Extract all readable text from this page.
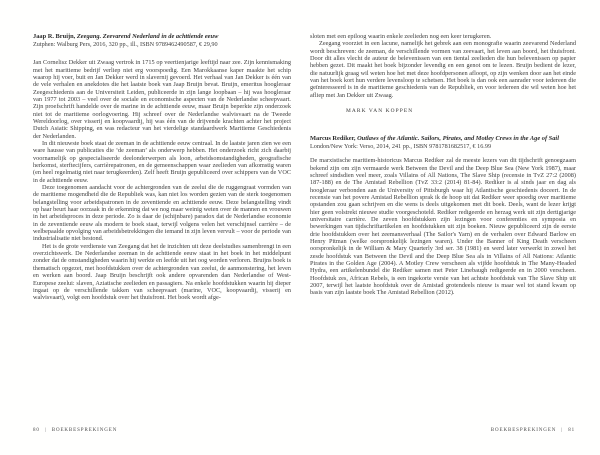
Jaap R. Bruijn, Zeegang. Zeevarend Nederland in de achttiende eeuw

Zutphen: Walburg Pers, 2016, 320 pp., ill., ISBN 9789462490587, € 29,90

Jan Cornelisz Dekker uit Zwaag vertrok in 1715 op veertienjarige leeftijd naar zee. Zijn kennismaking met het maritieme bedrijf verliep niet erg voorspoedig. Een Marokkaanse kaper maakte het schip waarop hij voer, buit en Jan Dekker werd in slavernij gevoerd. Het verhaal van Jan Dekker is één van de vele verhalen en anekdotes die het laatste boek van Jaap Bruijn bevat. Bruijn, emeritus hoogleraar Zeegeschiedenis aan de Universiteit Leiden, publiceerde in zijn lange loopbaan – hij was hoogleraar van 1977 tot 2003 – veel over de sociale en economische aspecten van de Nederlandse scheepvaart. Zijn proefschrift handelde over de marine in de achttiende eeuw, maar Bruijn beperkte zijn onderzoek niet tot de maritieme oorlogvoering. Hij schreef over de Nederlandse walvisvaart na de Tweede Wereldoorlog, over visserij en koopvaardij, hij was één van de drijvende krachten achter het project Dutch Asiatic Shipping, en was redacteur van het vierdelige standaardwerk Maritieme Geschiedenis der Nederlanden.

In dit nieuwste boek staat de zeeman in de achttiende eeuw centraal. In de laatste jaren zien we een ware hausse van publicaties die ‘de zeeman’ als onderwerp hebben. Het onderzoek richt zich daarbij voornamelijk op gespecialiseerde deelonderwerpen als loon, arbeidsomstandigheden, geografische herkomst, sterftecijfers, carrièrepatronen, en de gemeenschappen waar zeelieden van afkomstig waren (en heel regelmatig niet naar terugkeerden). Zelf heeft Bruijn gepubliceerd over schippers van de VOC in de achttiende eeuw.

Deze toegenomen aandacht voor de achtergronden van de zeelui die de ruggengraat vormden van de maritieme mogendheid die de Republiek was, kan niet los worden gezien van de sterk toegenomen belangstelling voor arbeidspatronen in de zeventiende en achttiende eeuw. Deze belangstelling vindt op haar beurt haar oorzaak in de erkenning dat we nog maar weinig weten over de mannen en vrouwen in het arbeidsproces in deze periode. Zo is daar de (schijnbare) paradox dat de Nederlandse economie in de zeventiende eeuw als modern te boek staat, terwijl volgens velen het verschijnsel carrière – de welbepaalde opvolging van arbeidsbetrekkingen die iemand in zijn leven vervult – voor de periode van industrialisatie niet bestond.

Het is de grote verdienste van Zeegang dat het de inzichten uit deze deelstudies samenbrengt in een overzichtswerk. De Nederlandse zeeman in de achttiende eeuw staat in het boek in het middelpunt zonder dat de omstandigheden waarin hij werkte en leefde uit het oog worden verloren. Bruijns boek is thematisch opgezet, met hoofdstukken over de achtergronden van zeelui, de aanmonstering, het leven en werken aan boord. Jaap Bruijn beschrijft ook andere opvarenden dan Nederlandse of West-Europese zeelui: slaven, Aziatische zeelieden en passagiers. Na enkele hoofdstukken waarin hij dieper ingaat op de verschillende takken van scheepvaart (marine, VOC, koopvaardij, visserij en walvisvaart), volgt een hoofdstuk over het thuisfront. Het boek wordt afge-

sloten met een epiloog waarin enkele zeelieden nog een keer terugkeren.

Zeegang voorziet in een lacune, namelijk het gebrek aan een monografie waarin zeevarend Nederland wordt beschreven: de zeeman, de verschillende vormen van zeevaart, het leven aan boord, het thuisfront. Door dit alles vlecht de auteur de belevenissen van een tiental zeelieden die hun belevenissen op papier hebben gezet. Dit maakt het boek bijzonder levendig en een genot om te lezen. Bruijn bedient de lezer, die natuurlijk graag wil weten hoe het met deze hoofdpersonen afloopt, op zijn wenken door aan het einde van het boek kort hun verdere levensloop te schetsen. Het boek is dan ook een aanrader voor iedereen die geïnteresseerd is in de maritieme geschiedenis van de Republiek, en voor iedereen die wil weten hoe het afliep met Jan Dekker uit Zwaag.

MARK VAN KOPPEN

Marcus Rediker, Outlaws of the Atlantic. Sailors, Pirates, and Motley Crews in the Age of Sail

London/New York: Verso, 2014, 241 pp., ISBN 9781781682517, € 16.99

De marxistische maritiem-historicus Marcus Rediker zal de meeste lezers van dit tijdschrift genoegzaam bekend zijn om zijn vermaarde werk Between the Devil and the Deep Blue Sea (New York 1987), maar schreef sindsdien veel meer, zoals Villains of All Nations, The Slave Ship (recensie in TvZ 27:2 (2008) 187-188) en de The Amistad Rebellion (TvZ 33:2 (2014) 81-84). Rediker is al sinds jaar en dag als hoogleraar verbonden aan de University of Pittsburgh waar hij Atlantische geschiedenis doceert. In de recensie van het povere Amistad Rebellion sprak ik de hoop uit dat Rediker weer spoedig over maritieme opstanden zou gaan schrijven en die wens is deels uitgekomen met dit boek. Deels, want de lezer krijgt hier geen volstrekt nieuwe studie voorgeschoteld. Rediker redigeerde en herzag werk uit zijn dertigjarige universitaire carrière. De zeven hoofdstukken zijn lezingen voor conferenties en symposia en bewerkingen van tijdschriftartikelen en hoofdstukken uit zijn boeken. Nieuw gepubliceerd zijn de eerste drie hoofdstukken over het zeemansverhaal (The Sailor's Yarn) en de verhalen over Edward Barlow en Henry Pitman (welke oorspronkelijk lezingen waren). Under the Banner of King Death verscheen oorspronkelijk in de William & Mary Quarterly 3rd ser. 38 (1981) en werd later verwerkt in zowel het zesde hoofdstuk van Between the Devil and the Deep Blue Sea als in Villains of All Nations: Atlantic Pirates in the Golden Age (2004). A Motley Crew verscheen als vijfde hoofdstuk in The Many-Headed Hydra, een artikelenbundel die Rediker samen met Peter Linebaugh redigeerde en in 2000 verscheen. Hoofdstuk zes, African Rebels, is een ingekorte versie van het achtste hoofdstuk van The Slave Ship uit 2007, terwijl het laatste hoofdstuk over de Amistad grotendeels nieuw is maar wel tot stand kwam op basis van zijn laatste boek The Amistad Rebellion (2012).

80 | BOEKBESPREKINGEN	BOEKBESPREKINGEN | 81
